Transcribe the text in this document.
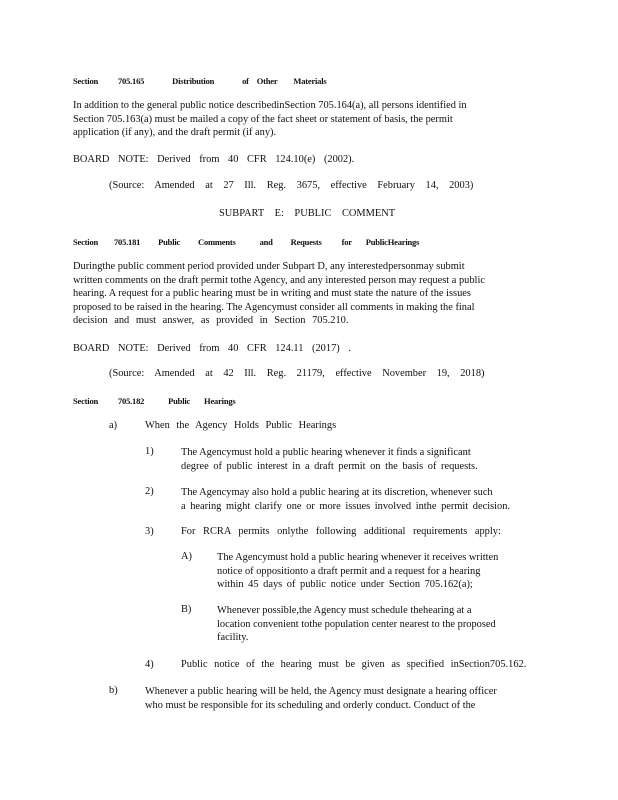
Section 705.165	Distribution	of Other Materials
In addition to the general public notice describedinSection 705.164(a), all persons identified in
Section 705.163(a) must be mailed a copy of the fact sheet or statement of basis, the permit
application (if any), and the draft permit (if any).
BOARD NOTE: Derived from 40 CFR 124.10(e) (2002).
(Source: Amended at 27 Ill. Reg. 3675, effective February 14, 2003)
SUBPART E: PUBLIC COMMENT
Section 705.181 Public Comments	and Requests for PublicHearings
Duringthe public comment period provided under Subpart D, any interestedpersonmay submit
written comments on the draft permit tothe Agency, and any interested person may request a public
hearing. A request for a public hearing must be in writing and must state the nature of the issues
proposed to be raised in the hearing. The Agencymust consider all comments in making the final
decision and must answer, as provided in Section 705.210.
BOARD NOTE: Derived from 40 CFR 124.11 (2017) .
(Source: Amended at 42 Ill. Reg. 21179, effective November 19, 2018)
Section 705.182	Public Hearings
a)	When the Agency Holds Public Hearings
1)	The Agencymust hold a public hearing whenever it finds a significant
degree of public interest in a draft permit on the basis of requests.
2)	The Agencymay also hold a public hearing at its discretion, whenever such
a hearing might clarify one or more issues involved inthe permit decision.
3)	For RCRA permits onlythe following additional requirements apply:
A) The Agencymust hold a public hearing whenever it receives written
notice of oppositionto a draft permit and a request for a hearing
within 45 days of public notice under Section 705.162(a);
B) Whenever possible,the Agency must schedule thehearing at a
location convenient tothe population center nearest to the proposed
facility.
4)	Public notice of the hearing must be given as specified inSection705.162.
b)	Whenever a public hearing will be held, the Agency must designate a hearing officer
who must be responsible for its scheduling and orderly conduct. Conduct of the
